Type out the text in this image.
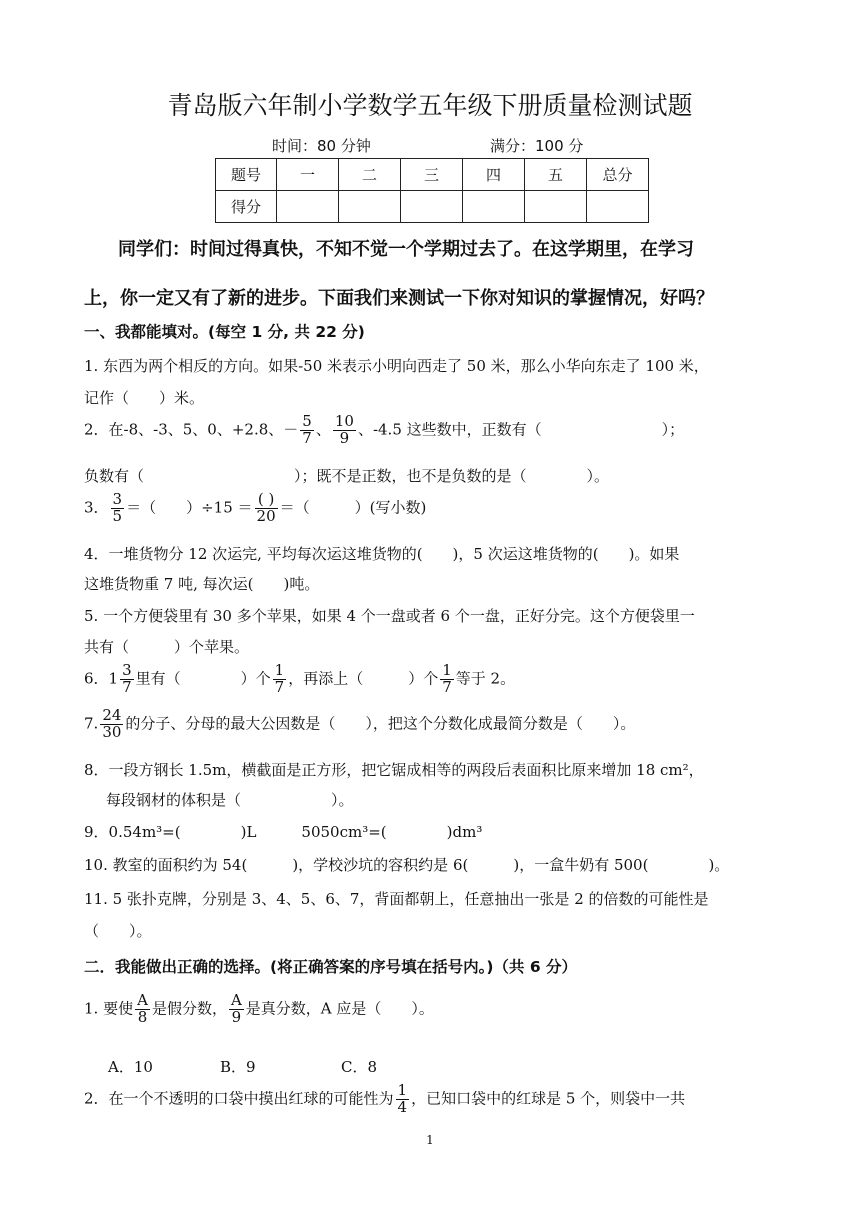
青岛版六年制小学数学五年级下册质量检测试题
时间：80 分钟	满分：100 分
题号	一	二	三	四	五	总分
得分						
同学们：时间过得真快，不知不觉一个学期过去了。在这学期里，在学习
上，你一定又有了新的进步。下面我们来测试一下你对知识的掌握情况，好吗？
一、我都能填对。(每空 1 分, 共 22 分)
1. 东西为两个相反的方向。如果-50 米表示小明向西走了 50 米，那么小华向东走了 100 米，
记作（　　）米。
2．在-8、-3、5、0、+2.8、－ $\frac{5}{7}$ 、 $\frac{10}{9}$ 、-4.5 这些数中，正数有（　　　　　　　　）；
负数有（　　　　　　　　　　）；既不是正数，也不是负数的是（　　　　）。
3． $\frac{3}{5}$ ＝（　　）$\div 15 = \frac{( )}{20}$ ＝（　　　）(写小数)
4．一堆货物分 12 次运完, 平均每次运这堆货物的(　　)，5 次运这堆货物的(　　)。如果
这堆货物重 7 吨, 每次运(　　)吨。
5. 一个方便袋里有 30 多个苹果，如果 4 个一盘或者 6 个一盘，正好分完。这个方便袋里一
共有（　　　）个苹果。
6．$1 \frac{3}{7}$ 里有（　　　　）个 $\frac{1}{7}$ ，再添上（　　　）个 $\frac{1}{7}$ 等于 2。
7. $\frac{24}{30}$ 的分子、分母的最大公因数是（　　），把这个分数化成最简分数是（　　）。
8．一段方钢长 1.5m，横截面是正方形，把它锯成相等的两段后表面积比原来增加 18 cm²，
每段钢材的体积是（　　　　　　）。
9．0.54m³=(　　　　)L　　　5050cm³=(　　　　)dm³
10. 教室的面积约为 54(　　　)，学校沙坑的容积约是 6(　　　)，一盒牛奶有 500(　　　　)。
11. 5 张扑克牌，分别是 3、4、5、6、7，背面都朝上，任意抽出一张是 2 的倍数的可能性是
（　　）。
二．我能做出正确的选择。(将正确答案的序号填在括号内。)（共 6 分）
1. 要使 $\frac{A}{8}$ 是假分数， $\frac{A}{9}$ 是真分数，A 应是（　　）。
A．10	B．9	C．8
2．在一个不透明的口袋中摸出红球的可能性为 $\frac{1}{4}$ ，已知口袋中的红球是 5 个，则袋中一共
1
